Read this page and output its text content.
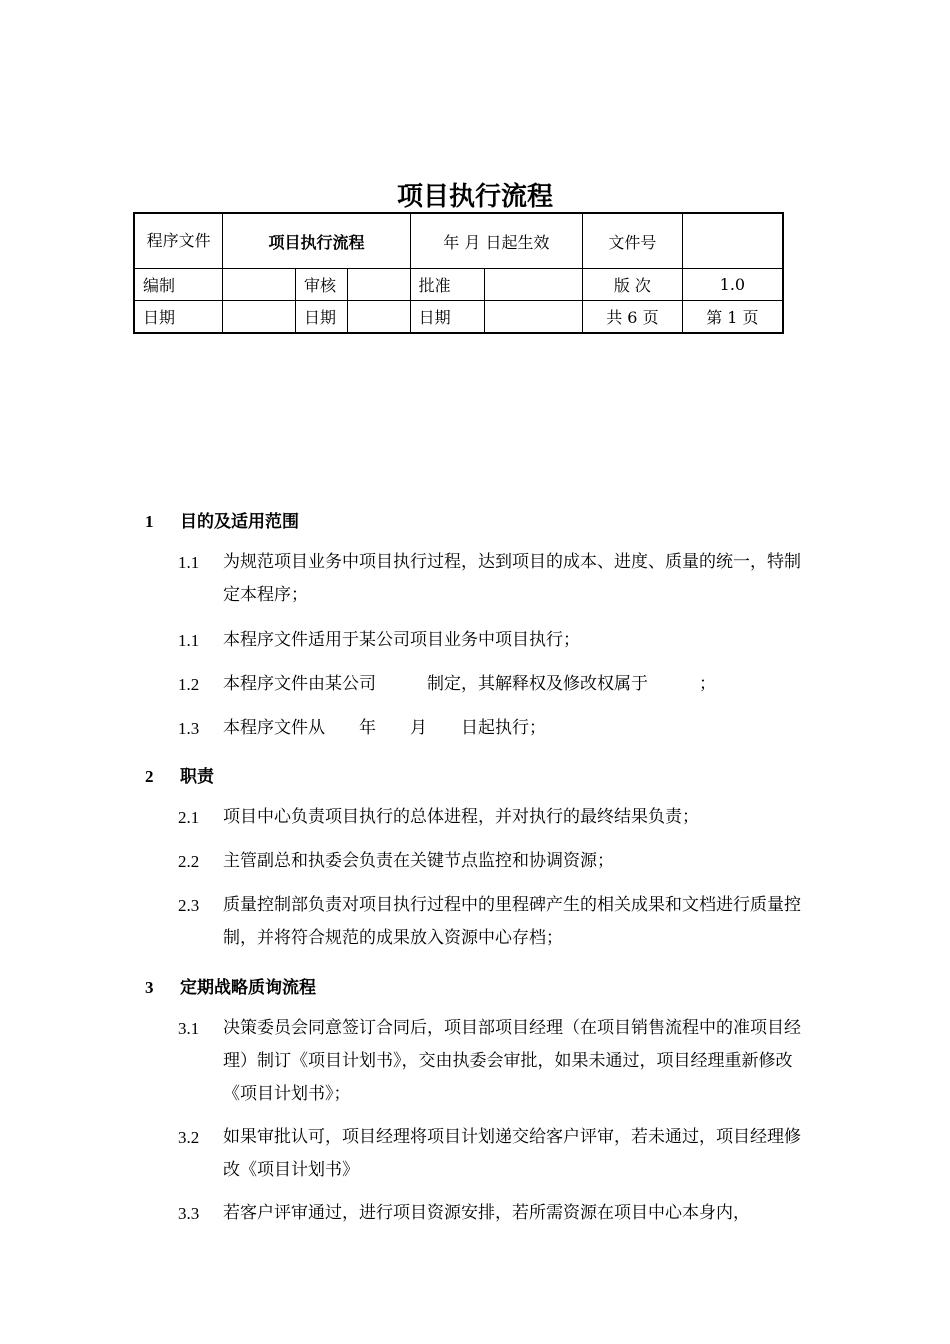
项目执行流程
程序文件	项目执行流程			年 月 日起生效		文件号	
编制		审核		批准		版 次	1.0
日期		日期		日期		共 6 页	第 1 页
1 目的及适用范围
1.1 为规范项目业务中项目执行过程，达到项目的成本、进度、质量的统一，特制定本程序；
1.1 本程序文件适用于某公司项目业务中项目执行；
1.2 本程序文件由某公司　　　制定，其解释权及修改权属于　　　；
1.3 本程序文件从　　年　　月　　日起执行；
2 职责
2.1 项目中心负责项目执行的总体进程，并对执行的最终结果负责；
2.2 主管副总和执委会负责在关键节点监控和协调资源；
2.3 质量控制部负责对项目执行过程中的里程碑产生的相关成果和文档进行质量控制，并将符合规范的成果放入资源中心存档；
3 定期战略质询流程
3.1 决策委员会同意签订合同后，项目部项目经理（在项目销售流程中的准项目经理）制订《项目计划书》，交由执委会审批，如果未通过，项目经理重新修改《项目计划书》；
3.2 如果审批认可，项目经理将项目计划递交给客户评审，若未通过，项目经理修改《项目计划书》
3.3 若客户评审通过，进行项目资源安排，若所需资源在项目中心本身内，
